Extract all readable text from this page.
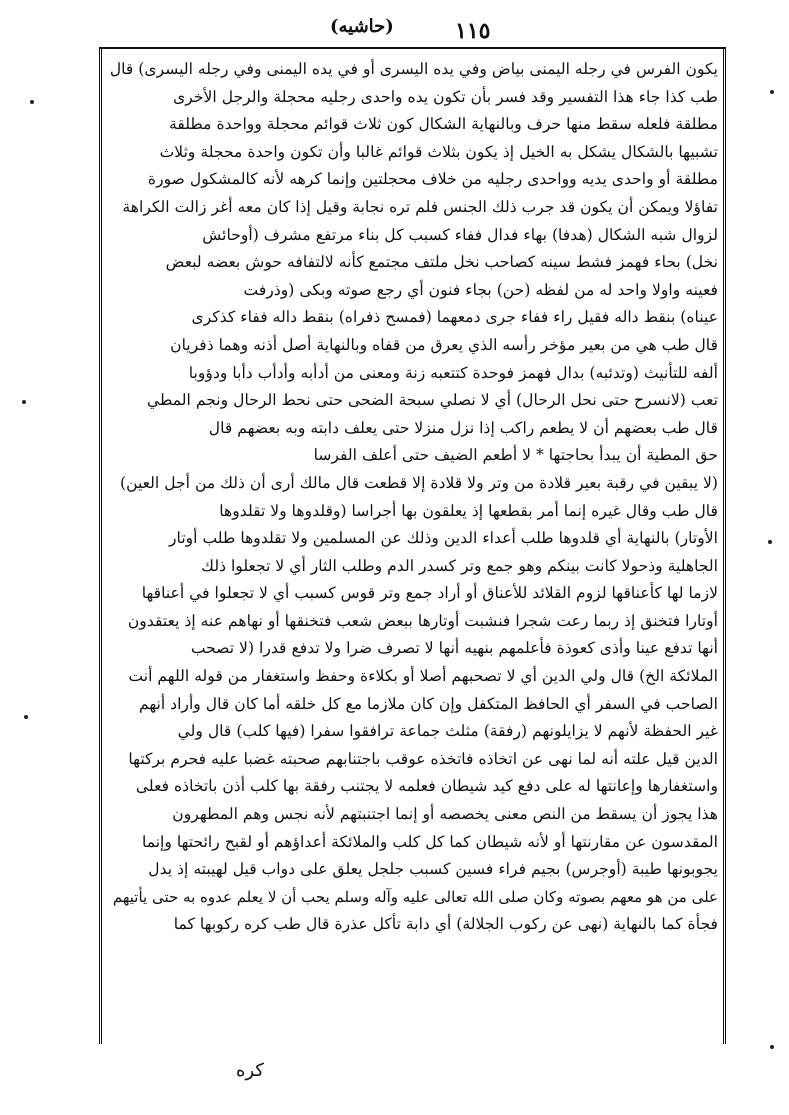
١١٥
(حاشيه)
يكون الفرس في رجله اليمنى بياض وفي يده اليسرى أو في يده اليمنى وفي رجله اليسرى) قال
طب كذا جاء هذا التفسير وقد فسر بأن تكون يده واحدى رجليه محجلة والرجل الأخرى
مطلقة فلعله سقط منها حرف وبالنهاية الشكال كون ثلاث قوائم محجلة وواحدة مطلقة
تشبيها بالشكال يشكل به الخيل إذ يكون بثلاث قوائم غالبا وأن تكون واحدة محجلة وثلاث
مطلقة أو واحدى يديه وواحدى رجليه من خلاف محجلتين وإنما كرهه لأنه كالمشكول صورة
تفاؤلا ويمكن أن يكون قد جرب ذلك الجنس فلم تره نجابة وقيل إذا كان معه أغر زالت الكراهة
لزوال شبه الشكال (هدفا) بهاء فدال ففاء كسبب كل بناء مرتفع مشرف (أوحائش
نخل) بحاء فهمز فشط سينه كصاحب نخل ملتف مجتمع كأنه لالتفافه حوش بعضه لبعض
فعينه واولا واحد له من لفظه (حن) بجاء فنون أي رجع صوته وبكى (وذرفت
عيناه) بنقط داله فقيل راء ففاء جرى دمعهما (فمسح ذفراه) بنقط داله ففاء كذكرى
قال طب هي من بعير مؤخر رأسه الذي يعرق من قفاه وبالنهاية أصل أذنه وهما ذفريان
ألفه للتأنيث (وتدئبه) بدال فهمز فوحدة كتتعبه زنة ومعنى من أدأبه وأدأب دأبا ودؤوبا
تعب (لانسرح حتى نحل الرحال) أي لا نصلي سبحة الضحى حتى نحط الرحال ونجم المطي
قال طب بعضهم أن لا يطعم راكب إذا نزل منزلا حتى يعلف دابته وبه بعضهم قال
حق المطية أن يبدأ بحاجتها * لا أطعم الضيف حتى أعلف الفرسا
(لا يبقين في رقبة بعير قلادة من وتر ولا قلادة إلا قطعت قال مالك أرى أن ذلك من أجل العين)
قال طب وقال غيره إنما أمر بقطعها إذ يعلقون بها أجراسا (وقلدوها ولا تقلدوها
الأوتار) بالنهاية أي قلدوها طلب أعداء الدين وذلك عن المسلمين ولا تقلدوها طلب أوتار
الجاهلية وذحولا كانت بينكم وهو جمع وتر كسدر الدم وطلب الثار أي لا تجعلوا ذلك
لازما لها كأعناقها لزوم القلائد للأعناق أو أراد جمع وتر قوس كسبب أي لا تجعلوا في أعناقها
أوتارا فتخنق إذ ربما رعت شجرا فنشبت أوتارها ببعض شعب فتخنقها أو نهاهم عنه إذ يعتقدون
أنها تدفع عينا وأذى كعوذة فأعلمهم بنهيه أنها لا تصرف ضرا ولا تدفع قدرا (لا تصحب
الملائكة الخ) قال ولي الدين أي لا تصحبهم أصلا أو بكلاءة وحفظ واستغفار من قوله اللهم أنت
الصاحب في السفر أي الحافظ المتكفل وإن كان ملازما مع كل خلقه أما كان قال وأراد أنهم
غير الحفظة لأنهم لا يزايلونهم (رفقة) مثلث جماعة ترافقوا سفرا (فيها كلب) قال ولي
الدين قيل علته أنه لما نهى عن اتخاذه فاتخذه عوقب باجتنابهم صحبته غضبا عليه فحرم بركتها
واستغفارها وإعانتها له على دفع كيد شيطان فعلمه لا يجتنب رفقة بها كلب أذن باتخاذه فعلى
هذا يجوز أن يسقط من النص معنى يخصصه أو إنما اجتنبتهم لأنه نجس وهم المطهرون
المقدسون عن مقارنتها أو لأنه شيطان كما كل كلب والملائكة أعداؤهم أو لقبح رائحتها وإنما
يجوبونها طيبة (أوجرس) بجيم فراء فسين كسبب جلجل يعلق على دواب قيل لهيبته إذ يدل
على من هو معهم بصوته وكان صلى الله تعالى عليه وآله وسلم يحب أن لا يعلم عدوه به حتى يأتيهم
فجأة كما بالنهاية (نهى عن ركوب الجلالة) أي دابة تأكل عذرة قال طب كره ركوبها كما
كره
